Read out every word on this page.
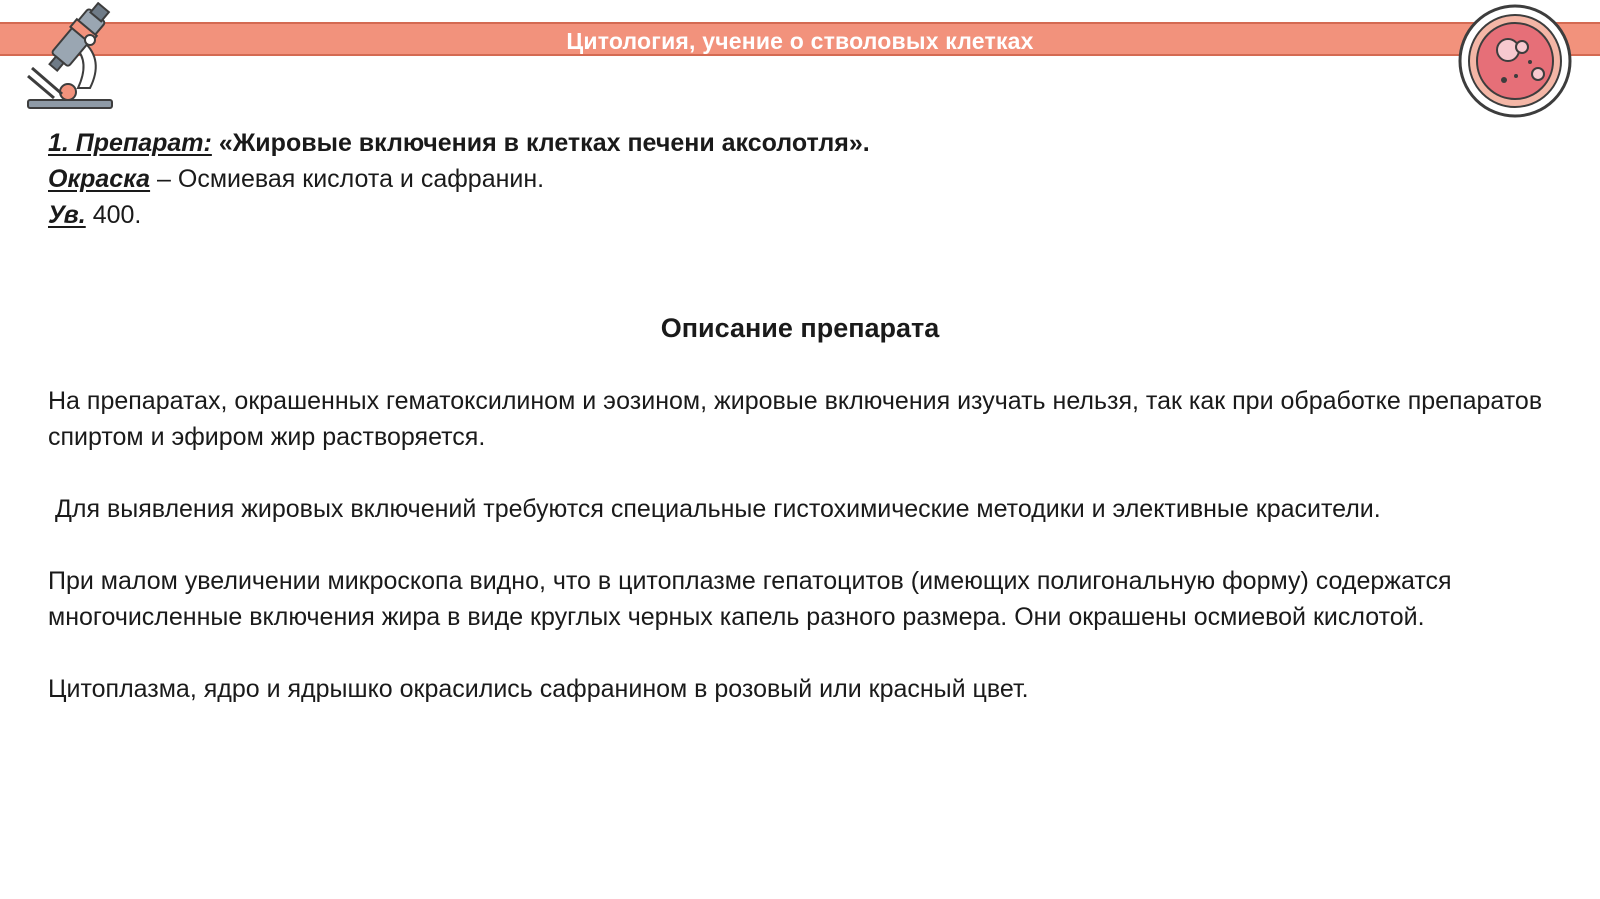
Цитология, учение о стволовых клетках
1. Препарат: «Жировые включения в клетках печени аксолотля».
Окраска – Осмиевая кислота и сафранин.
Ув. 400.
Описание препарата

На препаратах, окрашенных гематоксилином и эозином, жировые включения изучать нельзя, так как при обработке препаратов спиртом и эфиром жир растворяется.

Для выявления жировых включений требуются специальные гистохимические методики и элективные красители.

При малом увеличении микроскопа видно, что в цитоплазме гепатоцитов (имеющих полигональную форму) содержатся многочисленные включения жира в виде круглых черных капель разного размера. Они окрашены осмиевой кислотой.

Цитоплазма, ядро и ядрышко окрасились сафранином в розовый или красный цвет.
